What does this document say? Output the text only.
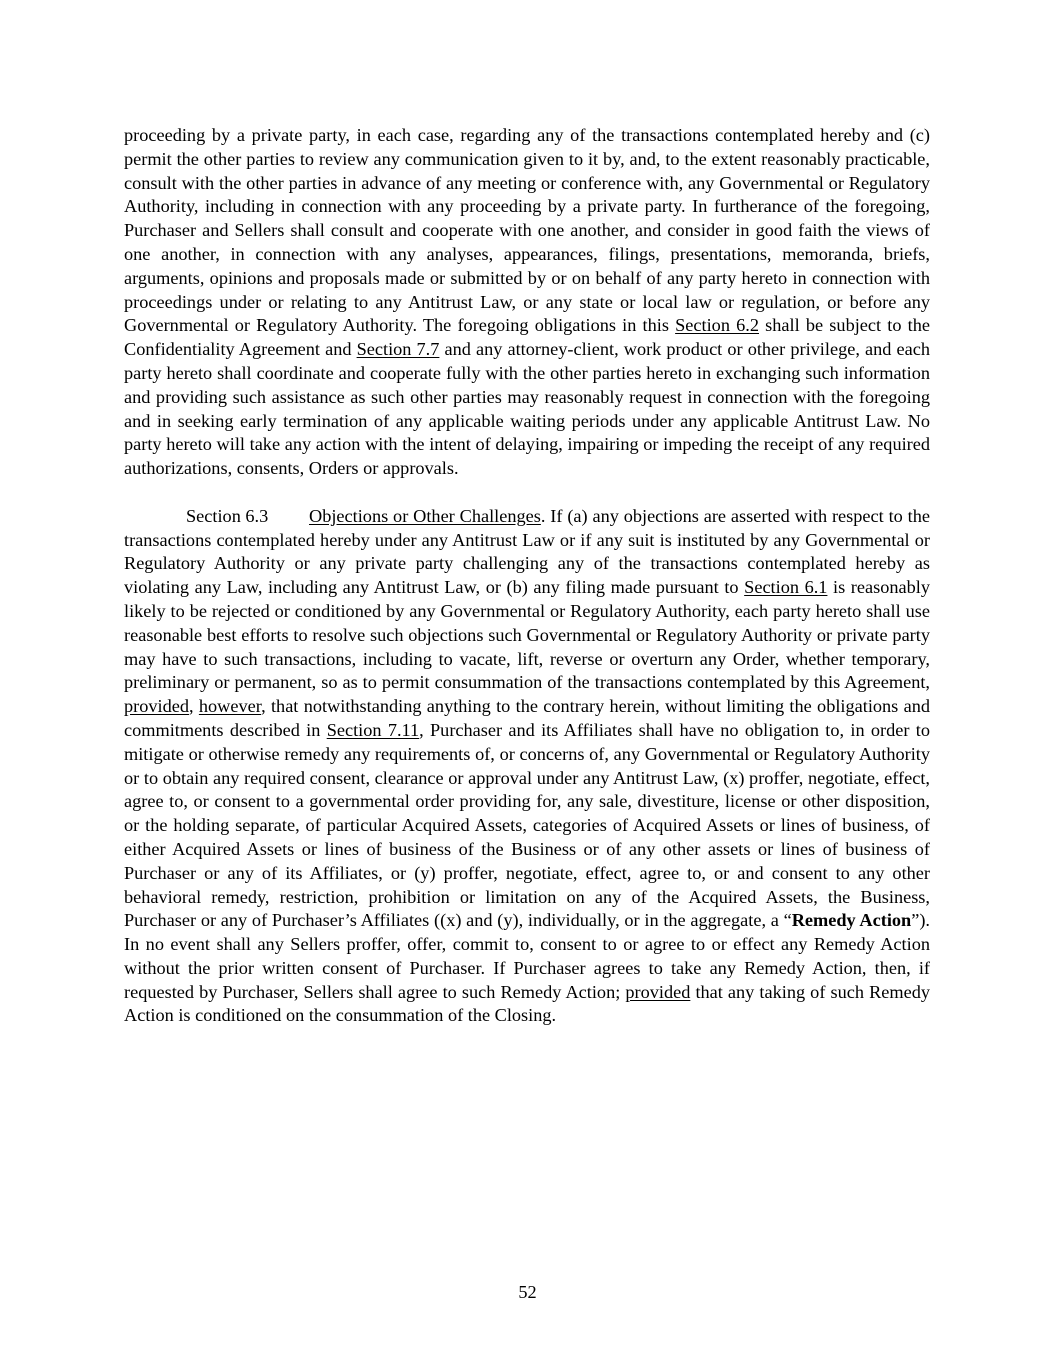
proceeding by a private party, in each case, regarding any of the transactions contemplated hereby and (c) permit the other parties to review any communication given to it by, and, to the extent reasonably practicable, consult with the other parties in advance of any meeting or conference with, any Governmental or Regulatory Authority, including in connection with any proceeding by a private party. In furtherance of the foregoing, Purchaser and Sellers shall consult and cooperate with one another, and consider in good faith the views of one another, in connection with any analyses, appearances, filings, presentations, memoranda, briefs, arguments, opinions and proposals made or submitted by or on behalf of any party hereto in connection with proceedings under or relating to any Antitrust Law, or any state or local law or regulation, or before any Governmental or Regulatory Authority. The foregoing obligations in this Section 6.2 shall be subject to the Confidentiality Agreement and Section 7.7 and any attorney-client, work product or other privilege, and each party hereto shall coordinate and cooperate fully with the other parties hereto in exchanging such information and providing such assistance as such other parties may reasonably request in connection with the foregoing and in seeking early termination of any applicable waiting periods under any applicable Antitrust Law. No party hereto will take any action with the intent of delaying, impairing or impeding the receipt of any required authorizations, consents, Orders or approvals.

Section 6.3 Objections or Other Challenges. If (a) any objections are asserted with respect to the transactions contemplated hereby under any Antitrust Law or if any suit is instituted by any Governmental or Regulatory Authority or any private party challenging any of the transactions contemplated hereby as violating any Law, including any Antitrust Law, or (b) any filing made pursuant to Section 6.1 is reasonably likely to be rejected or conditioned by any Governmental or Regulatory Authority, each party hereto shall use reasonable best efforts to resolve such objections such Governmental or Regulatory Authority or private party may have to such transactions, including to vacate, lift, reverse or overturn any Order, whether temporary, preliminary or permanent, so as to permit consummation of the transactions contemplated by this Agreement, provided, however, that notwithstanding anything to the contrary herein, without limiting the obligations and commitments described in Section 7.11, Purchaser and its Affiliates shall have no obligation to, in order to mitigate or otherwise remedy any requirements of, or concerns of, any Governmental or Regulatory Authority or to obtain any required consent, clearance or approval under any Antitrust Law, (x) proffer, negotiate, effect, agree to, or consent to a governmental order providing for, any sale, divestiture, license or other disposition, or the holding separate, of particular Acquired Assets, categories of Acquired Assets or lines of business, of either Acquired Assets or lines of business of the Business or of any other assets or lines of business of Purchaser or any of its Affiliates, or (y) proffer, negotiate, effect, agree to, or and consent to any other behavioral remedy, restriction, prohibition or limitation on any of the Acquired Assets, the Business, Purchaser or any of Purchaser’s Affiliates ((x) and (y), individually, or in the aggregate, a “Remedy Action”). In no event shall any Sellers proffer, offer, commit to, consent to or agree to or effect any Remedy Action without the prior written consent of Purchaser. If Purchaser agrees to take any Remedy Action, then, if requested by Purchaser, Sellers shall agree to such Remedy Action; provided that any taking of such Remedy Action is conditioned on the consummation of the Closing.

52
